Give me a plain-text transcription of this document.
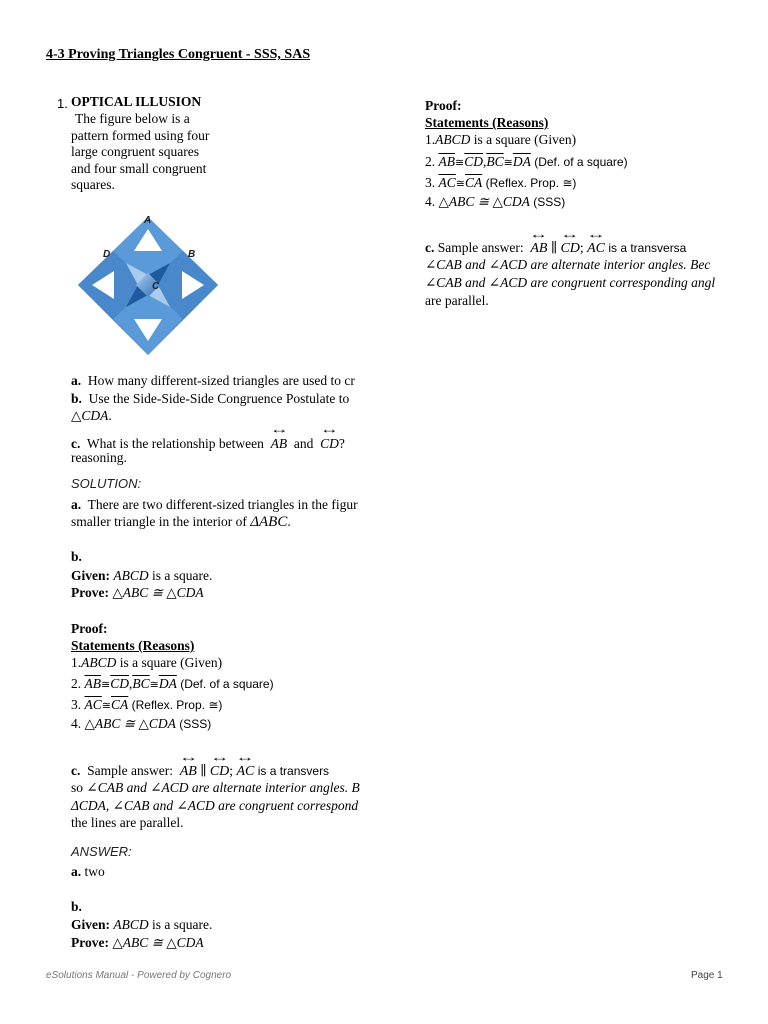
4-3 Proving Triangles Congruent - SSS, SAS
1. OPTICAL ILLUSION
The figure below is a
pattern formed using four
large congruent squares
and four small congruent
squares.
A
B
C
D
a. How many different-sized triangles are used to cr
b. Use the Side-Side-Side Congruence Postulate to
△CDA.
c. What is the relationship between ↔ AB and ↔ CD?
reasoning.
SOLUTION:
a. There are two different-sized triangles in the figur
smaller triangle in the interior of ΔABC.
b.
Given: ABCD is a square.
Prove: △ABC ≅ △CDA
Proof:
Statements (Reasons)
1.ABCD is a square (Given)
2. $\overline{AB}≅\overline{CD},\overline{BC}≅\overline{DA}$ (Def. of a square)
3. $\overline{AC}≅\overline{CA}$ (Reflex. Prop. ≅)
4. △ABC ≅ △CDA (SSS)
c. Sample answer: ↔ AB ∥ ↔ CD; ↔ AC is a transvers
so ∠CAB and ∠ACD are alternate interior angles. B
ΔCDA, ∠CAB and ∠ACD are congruent correspond
the lines are parallel.
ANSWER:
a. two
b.
Given: ABCD is a square.
Prove: △ABC ≅ △CDA
Proof:
Statements (Reasons)
1.ABCD is a square (Given)
2. $\overline{AB}≅\overline{CD},\overline{BC}≅\overline{DA}$ (Def. of a square)
3. $\overline{AC}≅\overline{CA}$ (Reflex. Prop. ≅)
4. △ABC ≅ △CDA (SSS)
c. Sample answer: ↔ AB ∥ ↔ CD; ↔ AC is a transversa
∠CAB and ∠ACD are alternate interior angles. Bec
∠CAB and ∠ACD are congruent corresponding angl
are parallel.
eSolutions Manual - Powered by Cognero	Page 1
